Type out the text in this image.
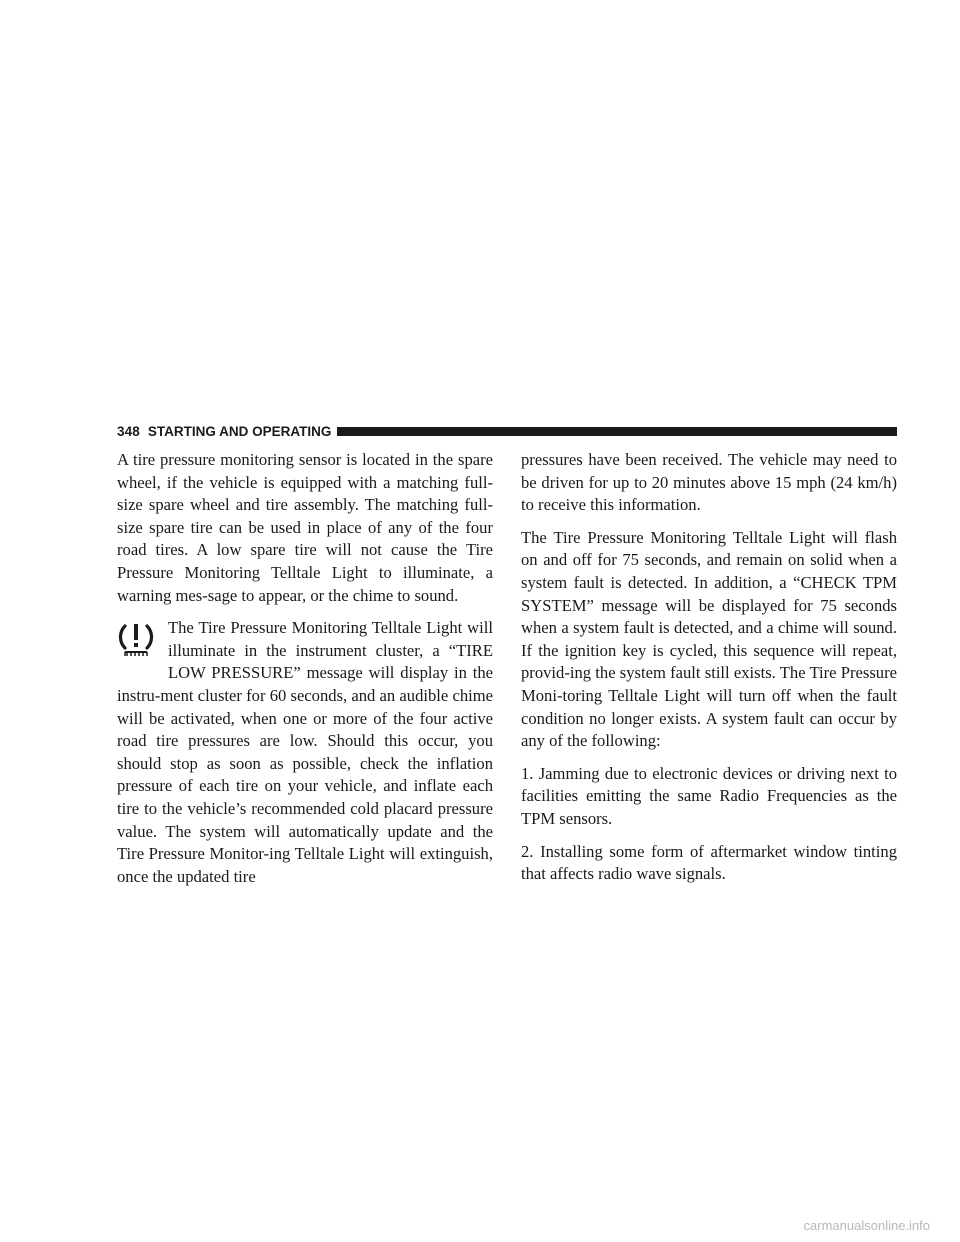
348 STARTING AND OPERATING

A tire pressure monitoring sensor is located in the spare wheel, if the vehicle is equipped with a matching full-size spare wheel and tire assembly. The matching full-size spare tire can be used in place of any of the four road tires. A low spare tire will not cause the Tire Pressure Monitoring Telltale Light to illuminate, a warning mes-sage to appear, or the chime to sound.

The Tire Pressure Monitoring Telltale Light will illuminate in the instrument cluster, a “TIRE LOW PRESSURE” message will display in the instru-ment cluster for 60 seconds, and an audible chime will be activated, when one or more of the four active road tire pressures are low. Should this occur, you should stop as soon as possible, check the inflation pressure of each tire on your vehicle, and inflate each tire to the vehicle’s recommended cold placard pressure value. The system will automatically update and the Tire Pressure Monitor-ing Telltale Light will extinguish, once the updated tire

pressures have been received. The vehicle may need to be driven for up to 20 minutes above 15 mph (24 km/h) to receive this information.

The Tire Pressure Monitoring Telltale Light will flash on and off for 75 seconds, and remain on solid when a system fault is detected. In addition, a “CHECK TPM SYSTEM” message will be displayed for 75 seconds when a system fault is detected, and a chime will sound. If the ignition key is cycled, this sequence will repeat, provid-ing the system fault still exists. The Tire Pressure Moni-toring Telltale Light will turn off when the fault condition no longer exists. A system fault can occur by any of the following:

1. Jamming due to electronic devices or driving next to facilities emitting the same Radio Frequencies as the TPM sensors.

2. Installing some form of aftermarket window tinting that affects radio wave signals.

carmanualsonline.info
